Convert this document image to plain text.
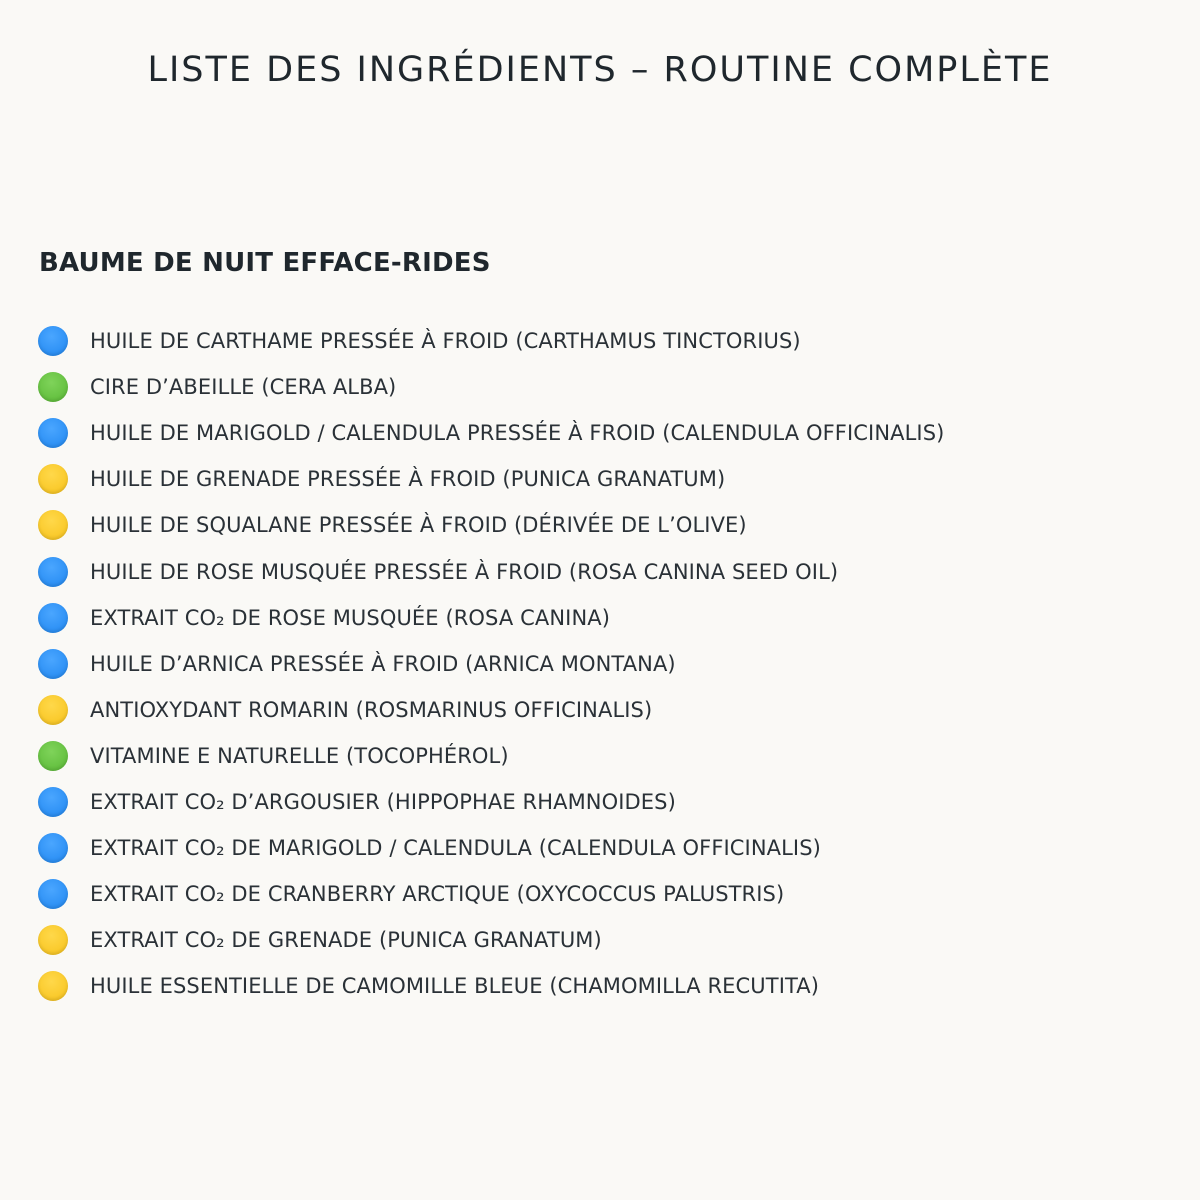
LISTE DES INGRÉDIENTS – ROUTINE COMPLÈTE
BAUME DE NUIT EFFACE-RIDES
HUILE DE CARTHAME PRESSÉE À FROID (CARTHAMUS TINCTORIUS)
CIRE D’ABEILLE (CERA ALBA)
HUILE DE MARIGOLD / CALENDULA PRESSÉE À FROID (CALENDULA OFFICINALIS)
HUILE DE GRENADE PRESSÉE À FROID (PUNICA GRANATUM)
HUILE DE SQUALANE PRESSÉE À FROID (DÉRIVÉE DE L’OLIVE)
HUILE DE ROSE MUSQUÉE PRESSÉE À FROID (ROSA CANINA SEED OIL)
EXTRAIT CO₂ DE ROSE MUSQUÉE (ROSA CANINA)
HUILE D’ARNICA PRESSÉE À FROID (ARNICA MONTANA)
ANTIOXYDANT ROMARIN (ROSMARINUS OFFICINALIS)
VITAMINE E NATURELLE (TOCOPHÉROL)
EXTRAIT CO₂ D’ARGOUSIER (HIPPOPHAE RHAMNOIDES)
EXTRAIT CO₂ DE MARIGOLD / CALENDULA (CALENDULA OFFICINALIS)
EXTRAIT CO₂ DE CRANBERRY ARCTIQUE (OXYCOCCUS PALUSTRIS)
EXTRAIT CO₂ DE GRENADE (PUNICA GRANATUM)
HUILE ESSENTIELLE DE CAMOMILLE BLEUE (CHAMOMILLA RECUTITA)
